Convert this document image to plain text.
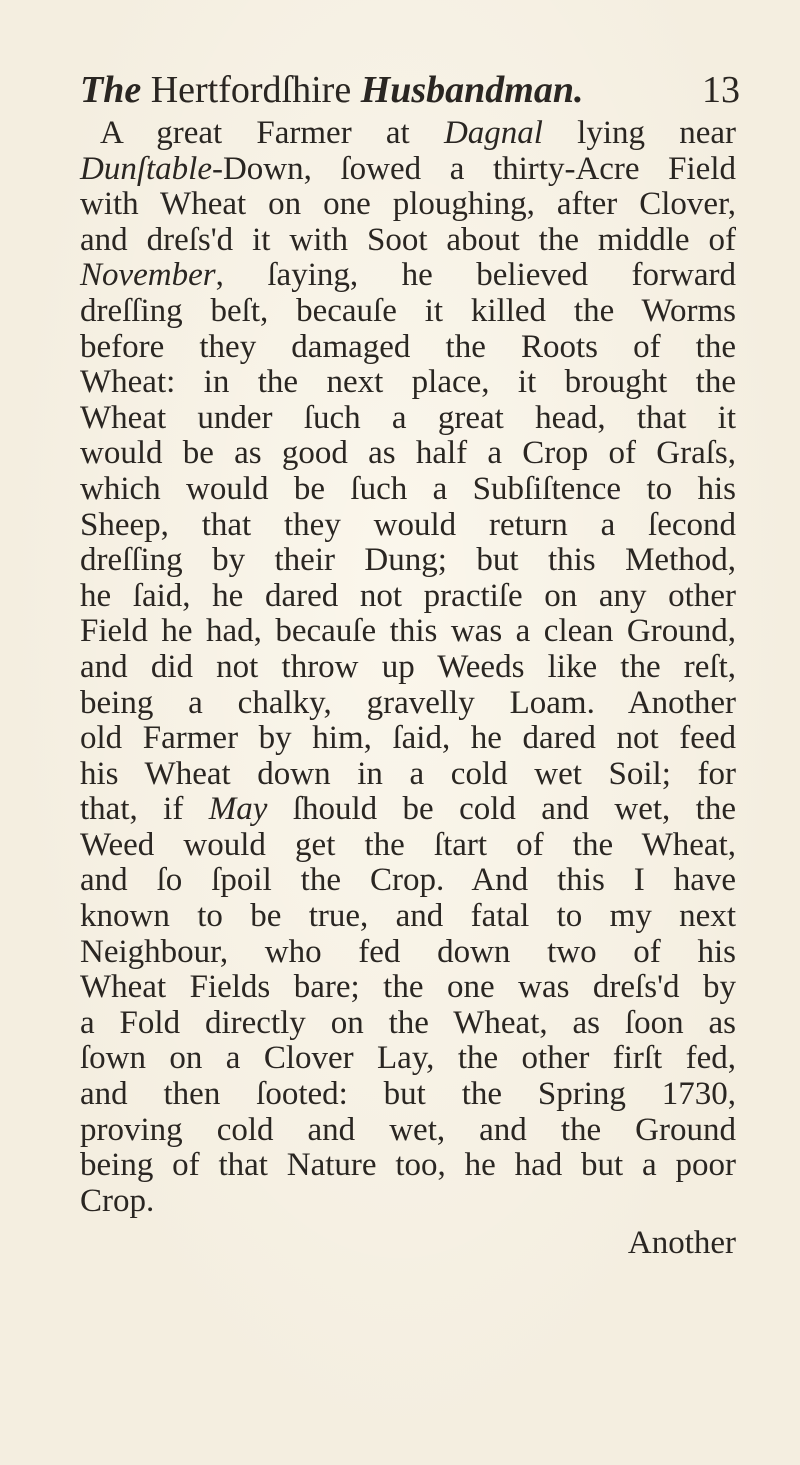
The Hertfordſhire Husbandman.	13
A great Farmer at Dagnal lying near
Dunſtable-Down, ſowed a thirty-Acre Field
with Wheat on one ploughing, after Clover,
and dreſs'd it with Soot about the middle of
November, ſaying, he believed forward
dreſſing beſt, becauſe it killed the Worms
before they damaged the Roots of the
Wheat: in the next place, it brought the
Wheat under ſuch a great head, that it
would be as good as half a Crop of Graſs,
which would be ſuch a Subſiſtence to his
Sheep, that they would return a ſecond
dreſſing by their Dung; but this Method,
he ſaid, he dared not practiſe on any other
Field he had, becauſe this was a clean Ground,
and did not throw up Weeds like the reſt,
being a chalky, gravelly Loam. Another
old Farmer by him, ſaid, he dared not feed
his Wheat down in a cold wet Soil; for
that, if May ſhould be cold and wet, the
Weed would get the ſtart of the Wheat,
and ſo ſpoil the Crop. And this I have
known to be true, and fatal to my next
Neighbour, who fed down two of his
Wheat Fields bare; the one was dreſs'd by
a Fold directly on the Wheat, as ſoon as
ſown on a Clover Lay, the other firſt fed,
and then ſooted: but the Spring 1730,
proving cold and wet, and the Ground
being of that Nature too, he had but a poor
Crop.
Another
